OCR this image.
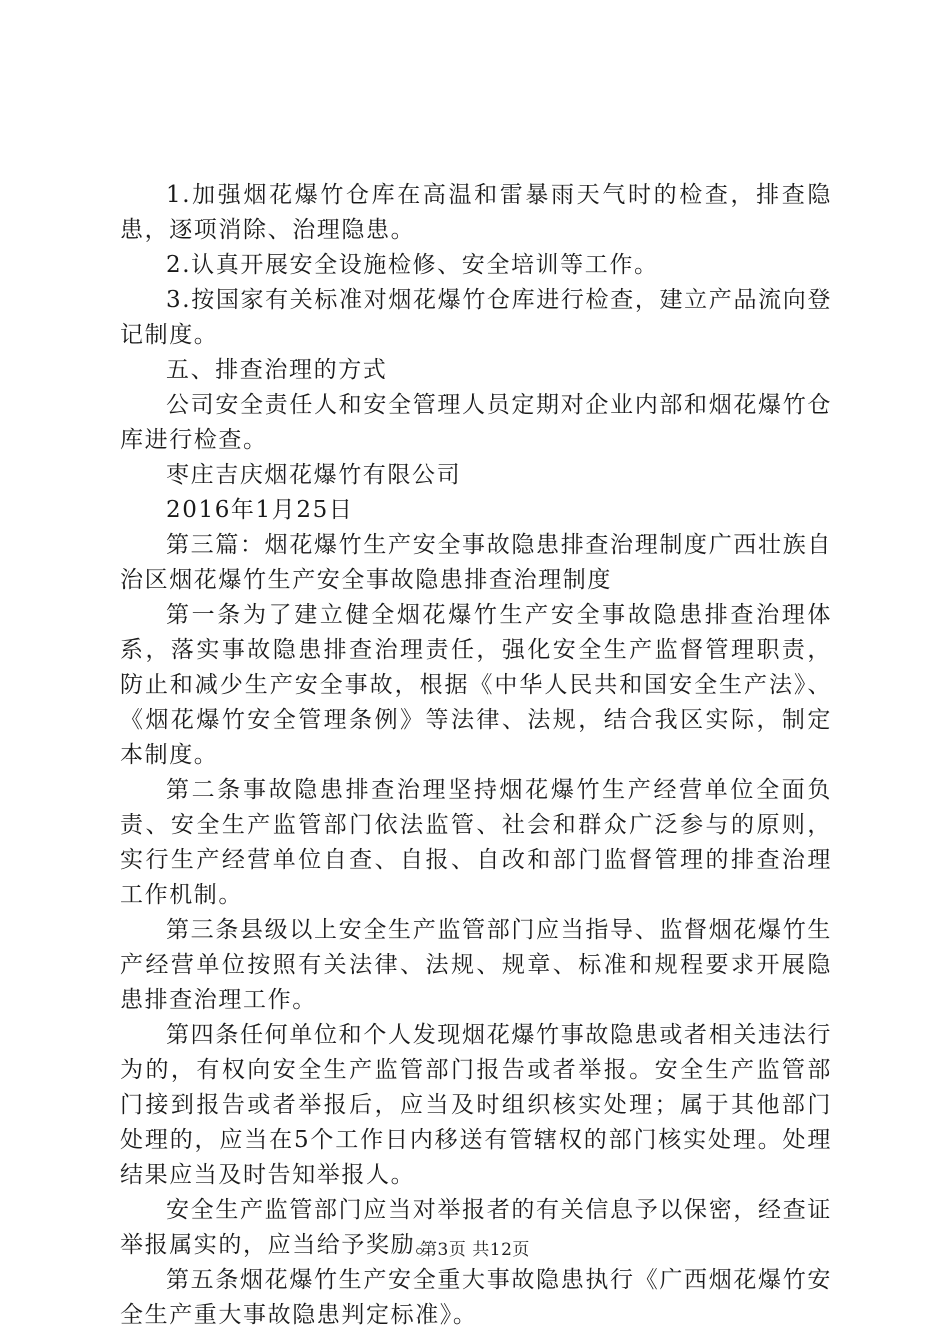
1.加强烟花爆竹仓库在高温和雷暴雨天气时的检查，排查隐患，逐项消除、治理隐患。

2.认真开展安全设施检修、安全培训等工作。

3.按国家有关标准对烟花爆竹仓库进行检查，建立产品流向登记制度。

五、排查治理的方式

公司安全责任人和安全管理人员定期对企业内部和烟花爆竹仓库进行检查。

枣庄吉庆烟花爆竹有限公司

2016年1月25日

第三篇：烟花爆竹生产安全事故隐患排查治理制度广西壮族自治区烟花爆竹生产安全事故隐患排查治理制度

第一条为了建立健全烟花爆竹生产安全事故隐患排查治理体系，落实事故隐患排查治理责任，强化安全生产监督管理职责，防止和减少生产安全事故，根据《中华人民共和国安全生产法》、《烟花爆竹安全管理条例》等法律、法规，结合我区实际，制定本制度。

第二条事故隐患排查治理坚持烟花爆竹生产经营单位全面负责、安全生产监管部门依法监管、社会和群众广泛参与的原则，实行生产经营单位自查、自报、自改和部门监督管理的排查治理工作机制。

第三条县级以上安全生产监管部门应当指导、监督烟花爆竹生产经营单位按照有关法律、法规、规章、标准和规程要求开展隐患排查治理工作。

第四条任何单位和个人发现烟花爆竹事故隐患或者相关违法行为的，有权向安全生产监管部门报告或者举报。安全生产监管部门接到报告或者举报后，应当及时组织核实处理；属于其他部门处理的，应当在5个工作日内移送有管辖权的部门核实处理。处理结果应当及时告知举报人。

安全生产监管部门应当对举报者的有关信息予以保密，经查证举报属实的，应当给予奖励。

第五条烟花爆竹生产安全重大事故隐患执行《广西烟花爆竹安全生产重大事故隐患判定标准》。

第3页 共12页
